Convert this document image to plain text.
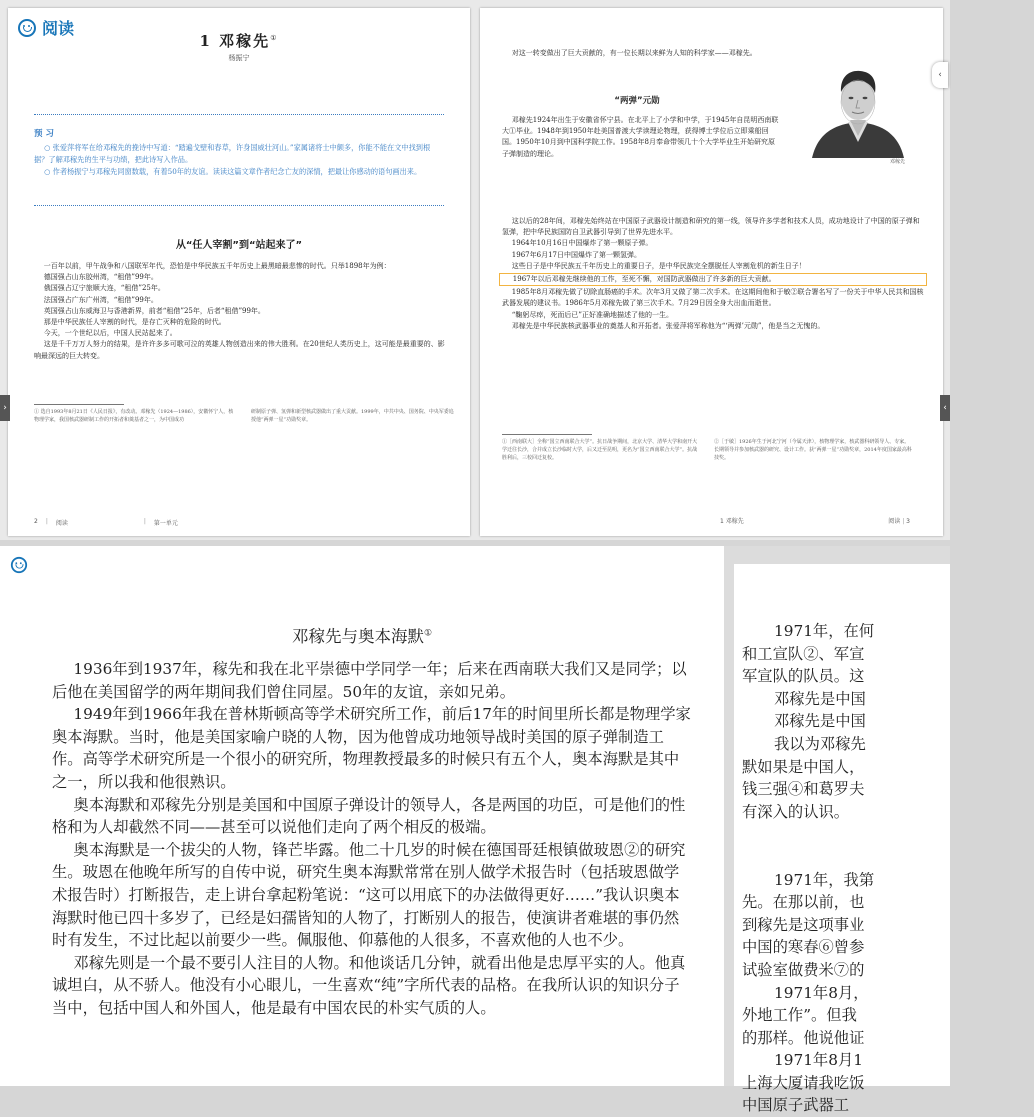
阅读
1 邓稼先①
杨振宁
预 习

○ 张爱萍将军在给邓稼先的挽诗中写道：“踏遍戈壁和春草，许身国威壮河山。”家属诸将士中颇多，你能不能在文中找到根据？了解邓稼先的生平与功绩，把此诗写入作品。

○ 作者杨振宁与邓稼先同窗数载，有着50年的友谊。读读这篇文章作者纪念亡友的深情，把最让你感动的语句画出来。

从“任人宰割”到“站起来了”

一百年以前，甲午战争和八国联军年代，恐怕是中华民族五千年历史上最黑暗最悲惨的时代。只举1898年为例：

德国强占山东胶州湾，“租借”99年。

俄国强占辽宁旅顺大连，“租借”25年。

法国强占广东广州湾，“租借”99年。

英国强占山东威海卫与香港新界，前者“租借”25年，后者“租借”99年。

那是中华民族任人宰割的时代，是存亡灭种的危险的时代。

今天，一个世纪以后，中国人民站起来了。

这是千千万万人努力的结果，是许许多多可歌可泣的英雄人物创造出来的伟大胜利。在20世纪人类历史上，这可能是最重要的、影响最深远的巨大转变。

① 选自1993年8月21日《人民日报》，有改动。邓稼先（1924—1986），安徽怀宁人，核物理学家，我国核武器研制工作的开拓者和奠基者之一，为中国成功

研制原子弹、氢弹和新型核武器做出了重大贡献。1999年，中共中央、国务院、中央军委追授他“两弹一星”功勋奖章。

2 | 阅读	| 第一单元

对这一转变做出了巨大贡献的，有一位长期以来鲜为人知的科学家——邓稼先。

“两弹”元勋
邓稼先

邓稼先1924年出生于安徽省怀宁县。在北平上了小学和中学，于1945年自昆明西南联大①毕业。1948年到1950年赴美国普渡大学读理论物理，获得博士学位后立即乘船回国。1950年10月到中国科学院工作。1958年8月奉命带领几十个大学毕业生开始研究原子弹制造的理论。

这以后的28年间，邓稼先始终站在中国原子武器设计制造和研究的第一线，领导许多学者和技术人员，成功地设计了中国的原子弹和氢弹，把中华民族国防自卫武器引导到了世界先进水平。

1964年10月16日中国爆炸了第一颗原子弹。

1967年6月17日中国爆炸了第一颗氢弹。

这些日子是中华民族五千年历史上的重要日子，是中华民族完全摆脱任人宰割危机的新生日子！

1967年以后邓稼先继续他的工作，至死不懈，对国防武器做出了许多新的巨大贡献。

1985年8月邓稼先做了切除直肠癌的手术。次年3月又做了第二次手术。在这期间他和于敏②联合署名写了一份关于中华人民共和国核武器发展的建议书。1986年5月邓稼先做了第三次手术。7月29日因全身大出血而逝世。

“鞠躬尽瘁，死而后已”正好准确地描述了他的一生。

邓稼先是中华民族核武器事业的奠基人和开拓者。张爱萍将军称他为“‘两弹’元勋”，他是当之无愧的。

①［西南联大］全称“国立西南联合大学”。抗日战争期间，北京大学、清华大学和南开大学迁往长沙，合并成立长沙临时大学，后又迁至昆明，更名为“国立西南联合大学”。抗战胜利后，三校回迁复校。

②［于敏］1926年生于河北宁河（今属天津），核物理学家，核武器科研领导人、专家。长期领导并参加核武器的研究、设计工作。获“两弹一星”功勋奖章，2014年度国家最高科技奖。

1 邓稼先	阅读 | 3
›	‹
‹
邓稼先与奥本海默①

1936年到1937年，稼先和我在北平崇德中学同学一年；后来在西南联大我们又是同学；以后他在美国留学的两年期间我们曾住同屋。50年的友谊，亲如兄弟。

1949年到1966年我在普林斯顿高等学术研究所工作，前后17年的时间里所长都是物理学家奥本海默。当时，他是美国家喻户晓的人物，因为他曾成功地领导战时美国的原子弹制造工作。高等学术研究所是一个很小的研究所，物理教授最多的时候只有五个人，奥本海默是其中之一，所以我和他很熟识。

奥本海默和邓稼先分别是美国和中国原子弹设计的领导人，各是两国的功臣，可是他们的性格和为人却截然不同——甚至可以说他们走向了两个相反的极端。

奥本海默是一个拔尖的人物，锋芒毕露。他二十几岁的时候在德国哥廷根镇做玻恩②的研究生。玻恩在他晚年所写的自传中说，研究生奥本海默常常在别人做学术报告时（包括玻恩做学术报告时）打断报告，走上讲台拿起粉笔说：“这可以用底下的办法做得更好……”我认识奥本海默时他已四十多岁了，已经是妇孺皆知的人物了，打断别人的报告，使演讲者难堪的事仍然时有发生，不过比起以前要少一些。佩服他、仰慕他的人很多，不喜欢他的人也不少。

邓稼先则是一个最不要引人注目的人物。和他谈话几分钟，就看出他是忠厚平实的人。他真诚坦白，从不骄人。他没有小心眼儿，一生喜欢“纯”字所代表的品格。在我所认识的知识分子当中，包括中国人和外国人，他是最有中国农民的朴实气质的人。

1971年，在何
和工宣队②、军宣
军宣队的队员。这
邓稼先是中国
邓稼先是中国
我以为邓稼先
默如果是中国人，
钱三强④和葛罗夫
有深入的认识。

1971年，我第
先。在那以前，也
到稼先是这项事业
中国的寒春⑥曾参
试验室做费米⑦的
1971年8月，
外地工作”。但我
的那样。他说他证
1971年8月1
上海大厦请我吃饭
中国原子武器工
